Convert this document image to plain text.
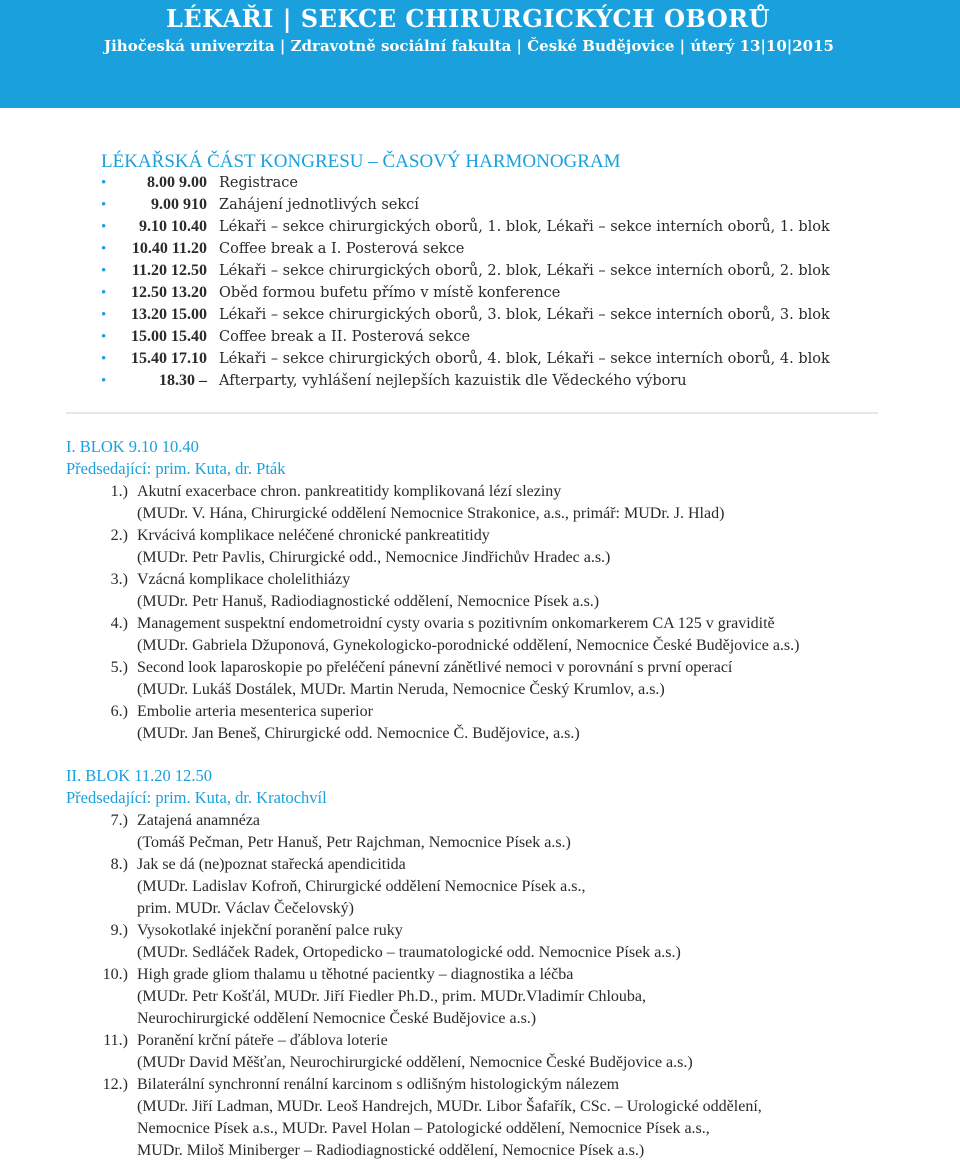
LÉKAŘI | SEKCE CHIRURGICKÝCH OBORŮ
Jihočeská univerzita | Zdravotně sociální fakulta | České Budějovice | úterý 13|10|2015
LÉKAŘSKÁ ČÁST KONGRESU – ČASOVÝ HARMONOGRAM
•	8.00 9.00 Registrace
•	9.00 910 Zahájení jednotlivých sekcí
•	9.10 10.40 Lékaři – sekce chirurgických oborů, 1. blok, Lékaři – sekce interních oborů, 1. blok
•	10.40 11.20 Coffee break a I. Posterová sekce
•	11.20 12.50 Lékaři – sekce chirurgických oborů, 2. blok, Lékaři – sekce interních oborů, 2. blok
•	12.50 13.20 Oběd formou bufetu přímo v místě konference
•	13.20 15.00 Lékaři – sekce chirurgických oborů, 3. blok, Lékaři – sekce interních oborů, 3. blok
•	15.00 15.40 Coffee break a II. Posterová sekce
•	15.40 17.10 Lékaři – sekce chirurgických oborů, 4. blok, Lékaři – sekce interních oborů, 4. blok
•	18.30 – Afterparty, vyhlášení nejlepších kazuistik dle Vědeckého výboru
I. BLOK 9.10 10.40
Předsedající: prim. Kuta, dr. Pták
1.) Akutní exacerbace chron. pankreatitidy komplikovaná lézí sleziny
(MUDr. V. Hána, Chirurgické oddělení Nemocnice Strakonice, a.s., primář: MUDr. J. Hlad)
2.) Krvácivá komplikace neléčené chronické pankreatitidy
(MUDr. Petr Pavlis, Chirurgické odd., Nemocnice Jindřichův Hradec a.s.)
3.) Vzácná komplikace cholelithiázy
(MUDr. Petr Hanuš, Radiodiagnostické oddělení, Nemocnice Písek a.s.)
4.) Management suspektní endometroidní cysty ovaria s pozitivním onkomarkerem CA 125 v graviditě
(MUDr. Gabriela Džuponová, Gynekologicko-porodnické oddělení, Nemocnice České Budějovice a.s.)
5.) Second look laparoskopie po přeléčení pánevní zánětlivé nemoci v porovnání s první operací
(MUDr. Lukáš Dostálek, MUDr. Martin Neruda, Nemocnice Český Krumlov, a.s.)
6.) Embolie arteria mesenterica superior
(MUDr. Jan Beneš, Chirurgické odd. Nemocnice Č. Budějovice, a.s.)
II. BLOK 11.20 12.50
Předsedající: prim. Kuta, dr. Kratochvíl
7.) Zatajená anamnéza
(Tomáš Pečman, Petr Hanuš, Petr Rajchman, Nemocnice Písek a.s.)
8.) Jak se dá (ne)poznat stařecká apendicitida
(MUDr. Ladislav Kofroň, Chirurgické oddělení Nemocnice Písek a.s.,
prim. MUDr. Václav Čečelovský)
9.) Vysokotlaké injekční poranění palce ruky
(MUDr. Sedláček Radek, Ortopedicko – traumatologické odd. Nemocnice Písek a.s.)
10.) High grade gliom thalamu u těhotné pacientky – diagnostika a léčba
(MUDr. Petr Košťál, MUDr. Jiří Fiedler Ph.D., prim. MUDr.Vladimír Chlouba,
Neurochirurgické oddělení Nemocnice České Budějovice a.s.)
11.) Poranění krční páteře – ďáblova loterie
(MUDr David Měšťan, Neurochirurgické oddělení, Nemocnice České Budějovice a.s.)
12.) Bilaterální synchronní renální karcinom s odlišným histologickým nálezem
(MUDr. Jiří Ladman, MUDr. Leoš Handrejch, MUDr. Libor Šafařík, CSc. – Urologické oddělení,
Nemocnice Písek a.s., MUDr. Pavel Holan – Patologické oddělení, Nemocnice Písek a.s.,
MUDr. Miloš Miniberger – Radiodiagnostické oddělení, Nemocnice Písek a.s.)
